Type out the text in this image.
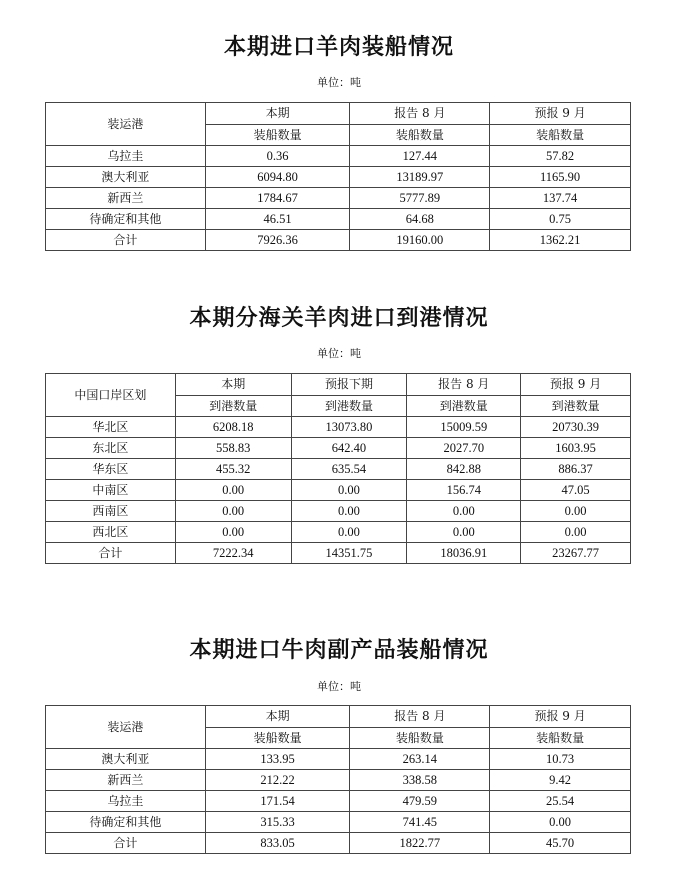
本期进口羊肉装船情况
单位：吨
装运港	本期	报告 8 月	预报 9 月
	装船数量	装船数量	装船数量
乌拉圭	0.36	127.44	57.82
澳大利亚	6094.80	13189.97	1165.90
新西兰	1784.67	5777.89	137.74
待确定和其他	46.51	64.68	0.75
合计	7926.36	19160.00	1362.21
本期分海关羊肉进口到港情况
单位：吨
中国口岸区划	本期	预报下期	报告 8 月	预报 9 月
	到港数量	到港数量	到港数量	到港数量
华北区	6208.18	13073.80	15009.59	20730.39
东北区	558.83	642.40	2027.70	1603.95
华东区	455.32	635.54	842.88	886.37
中南区	0.00	0.00	156.74	47.05
西南区	0.00	0.00	0.00	0.00
西北区	0.00	0.00	0.00	0.00
合计	7222.34	14351.75	18036.91	23267.77
本期进口牛肉副产品装船情况
单位：吨
装运港	本期	报告 8 月	预报 9 月
	装船数量	装船数量	装船数量
澳大利亚	133.95	263.14	10.73
新西兰	212.22	338.58	9.42
乌拉圭	171.54	479.59	25.54
待确定和其他	315.33	741.45	0.00
合计	833.05	1822.77	45.70
